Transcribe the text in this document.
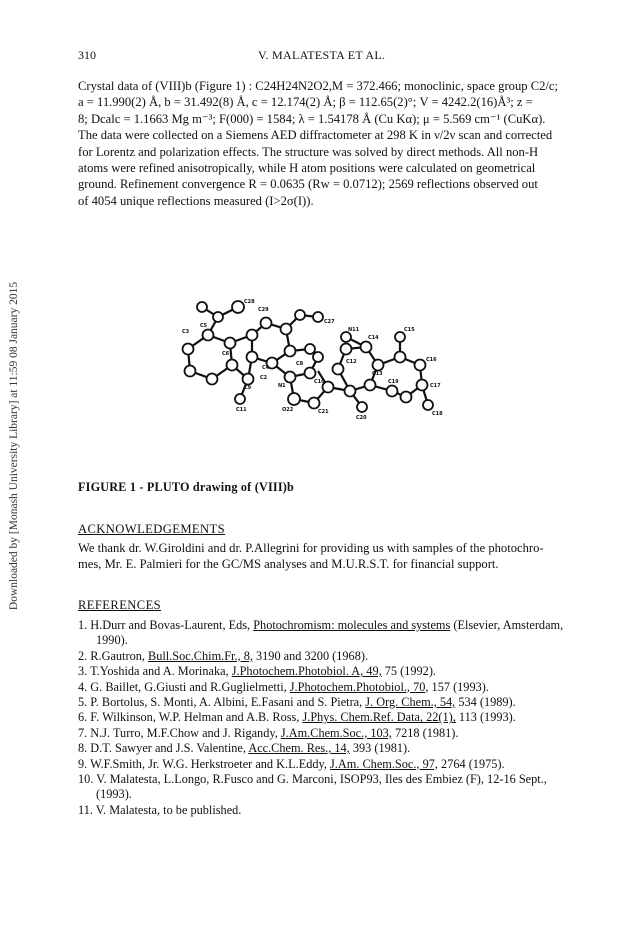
310	V. MALATESTA ET AL.

Crystal data of (VIII)b (Figure 1) : C24H24N2O2,M = 372.466; monoclinic, space group C2/c;

a = 11.990(2) Å, b = 31.492(8) Å, c = 12.174(2) Å; β = 112.65(2)°; V = 4242.2(16)Å³; z =

8; Dcalc = 1.1663 Mg m⁻³; F(000) = 1584; λ = 1.54178 Å (Cu Kα); μ = 5.569 cm⁻¹ (CuKα).

The data were collected on a Siemens AED diffractometer at 298 K in ν/2ν scan and corrected

for Lorentz and polarization effects. The structure was solved by direct methods. All non-H

atoms were refined anisotropically, while H atom positions were calculated on geometrical

ground. Refinement convergence R = 0.0635 (Rw = 0.0712); 2569 reflections observed out

of 4054 unique reflections measured (I>2σ(I)).

Downloaded by [Monash University Library] at 11:59 08 January 2015	C28
C29
C3
C5
C6
C27
N11
C14
C15
C16
C17
C18
C19
C13
C12
C8
C2
C4
O22	C21
C20
N1
C10
C11
C9
FIGURE 1 - PLUTO drawing of (VIII)b
ACKNOWLEDGEMENTS
We thank dr. W.Giroldini and dr. P.Allegrini for providing us with samples of the photochro-
mes, Mr. E. Palmieri for the GC/MS analyses and M.U.R.S.T. for financial support.
REFERENCES
1. H.Durr and Bovas-Laurent, Eds, Photochromism: molecules and systems (Elsevier, Amsterdam, 1990).
2. R.Gautron, Bull.Soc.Chim.Fr., 8, 3190 and 3200 (1968).
3. T.Yoshida and A. Morinaka, J.Photochem.Photobiol. A, 49, 75 (1992).
4. G. Baillet, G.Giusti and R.Guglielmetti, J.Photochem.Photobiol., 70, 157 (1993).
5. P. Bortolus, S. Monti, A. Albini, E.Fasani and S. Pietra, J. Org. Chem., 54, 534 (1989).
6. F. Wilkinson, W.P. Helman and A.B. Ross, J.Phys. Chem.Ref. Data, 22(1), 113 (1993).
7. N.J. Turro, M.F.Chow and J. Rigandy, J.Am.Chem.Soc., 103, 7218 (1981).
8. D.T. Sawyer and J.S. Valentine, Acc.Chem. Res., 14, 393 (1981).
9. W.F.Smith, Jr. W.G. Herkstroeter and K.L.Eddy, J.Am. Chem.Soc., 97, 2764 (1975).
10. V. Malatesta, L.Longo, R.Fusco and G. Marconi, ISOP93, Iles des Embiez (F), 12-16 Sept., (1993).
11. V. Malatesta, to be published.
